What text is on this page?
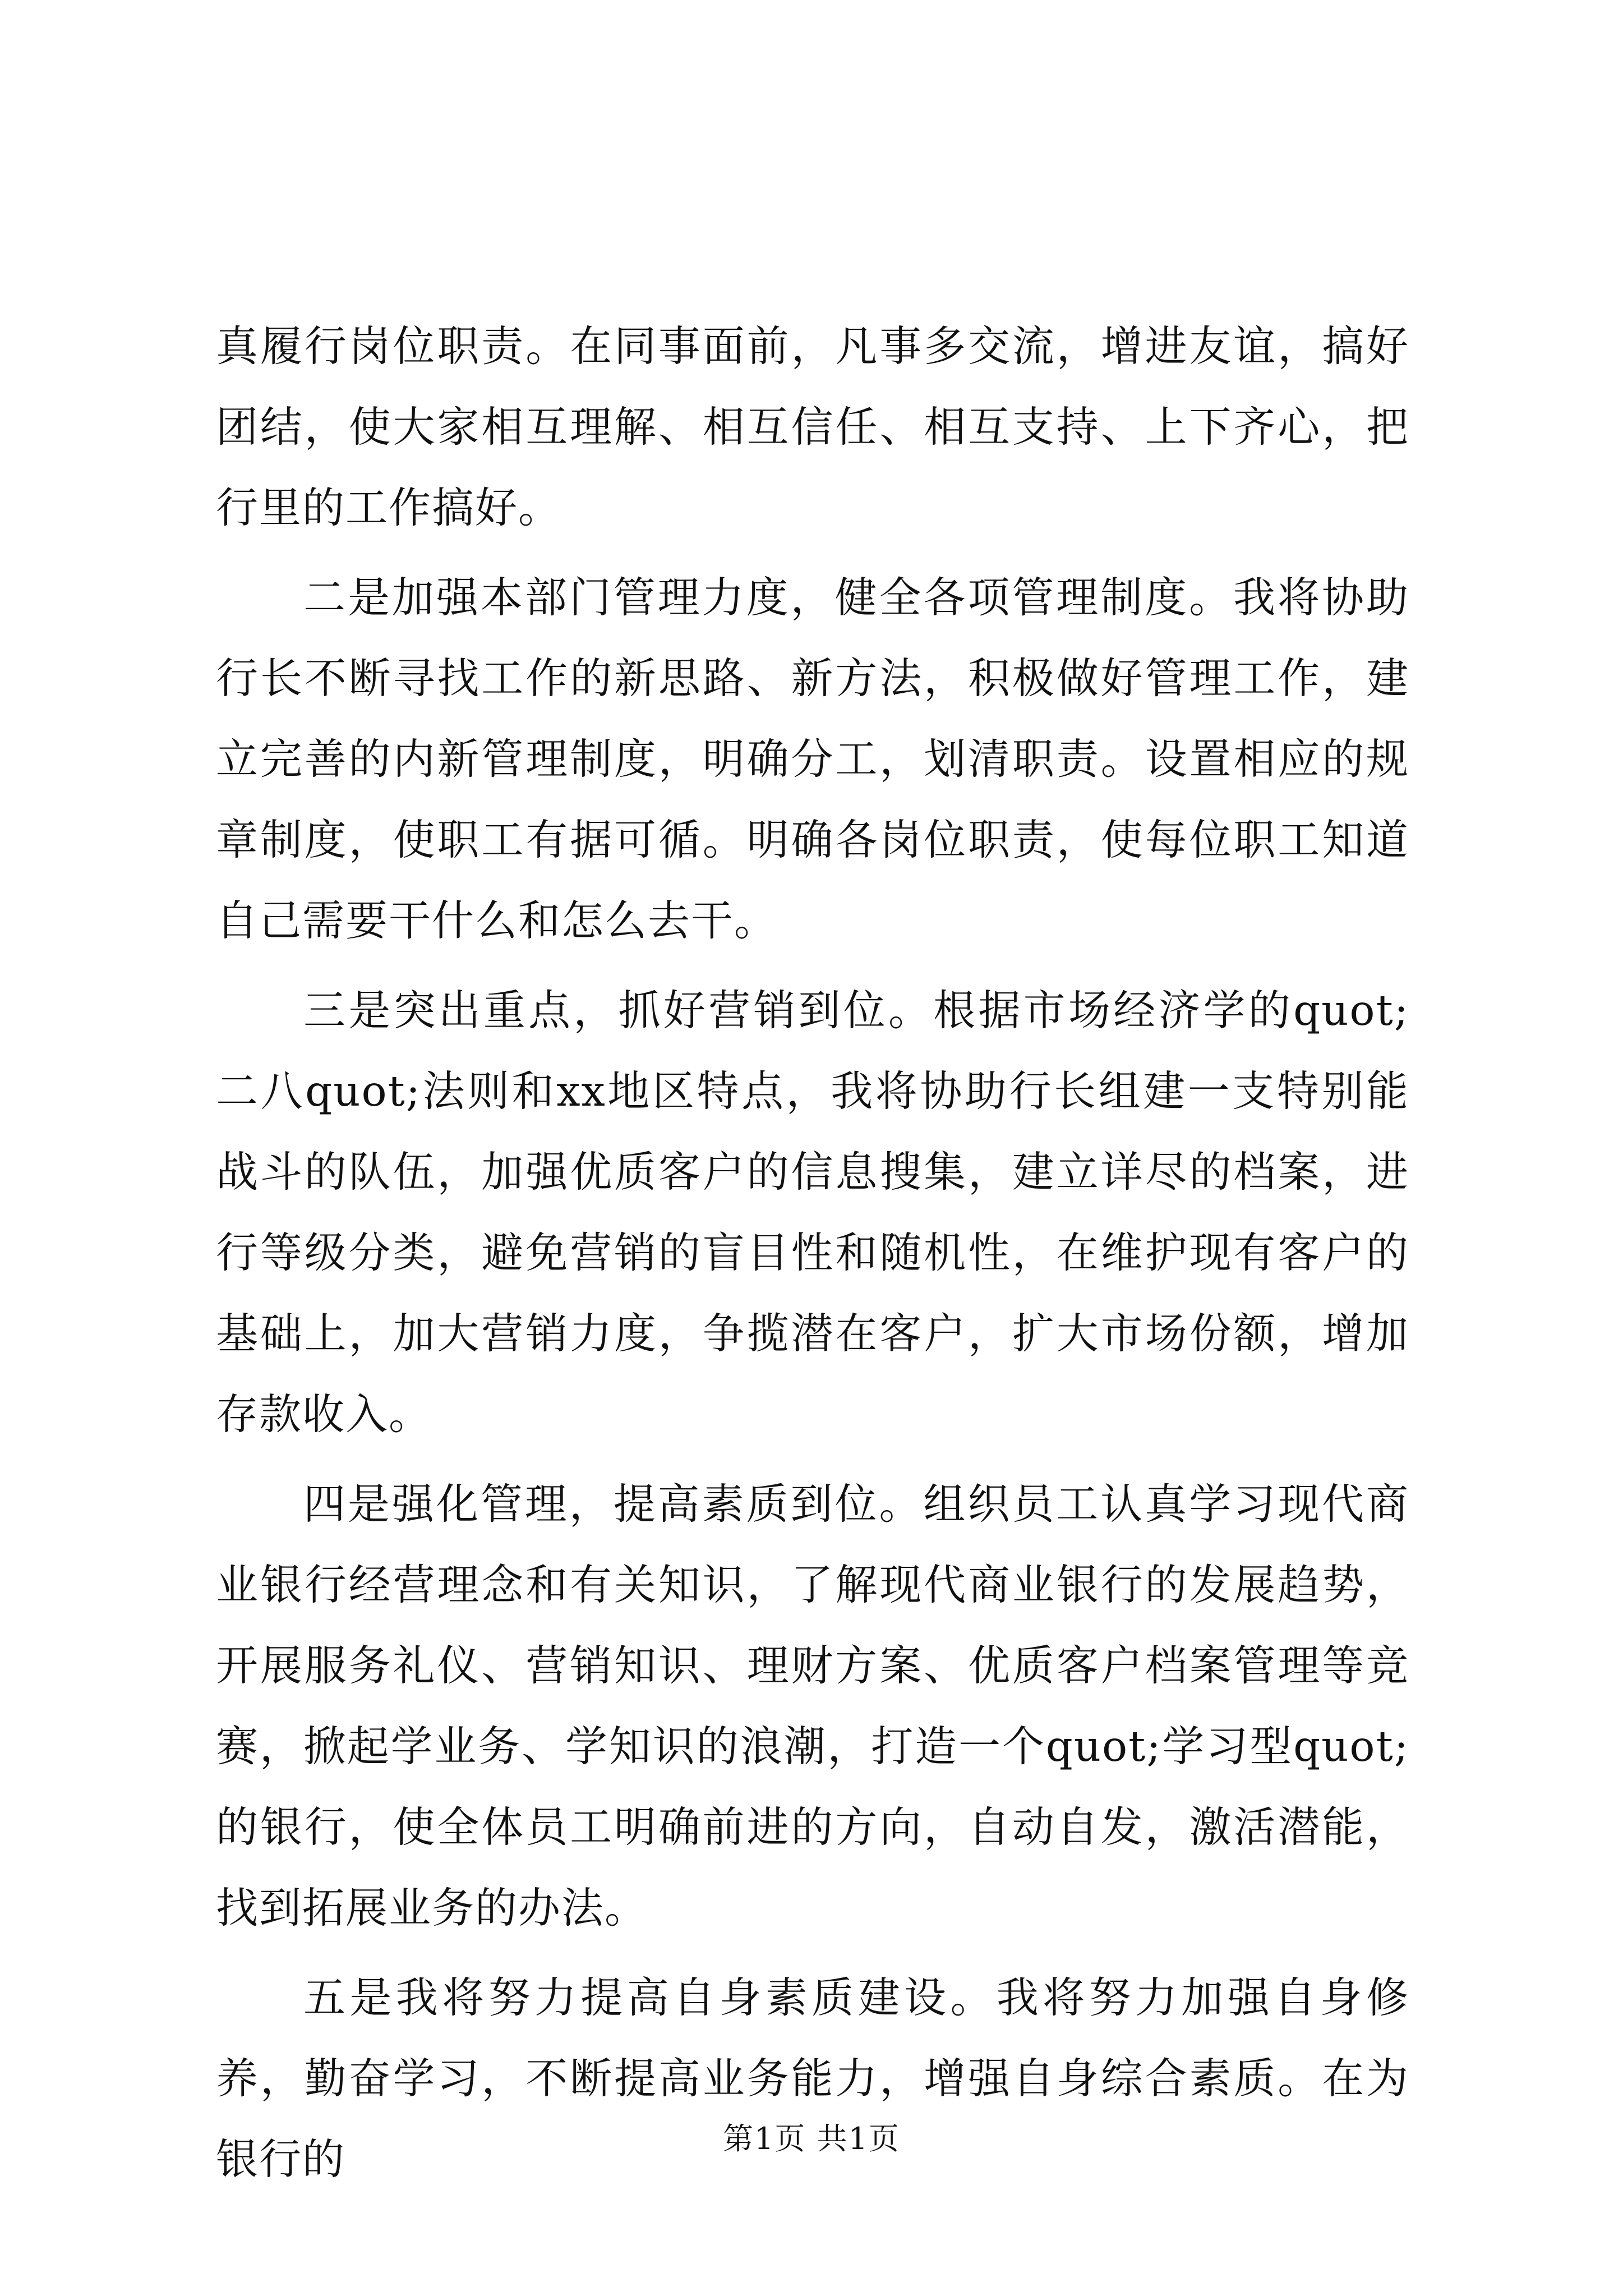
真履行岗位职责。在同事面前，凡事多交流，增进友谊，搞好团结，使大家相互理解、相互信任、相互支持、上下齐心，把行里的工作搞好。

二是加强本部门管理力度，健全各项管理制度。我将协助行长不断寻找工作的新思路、新方法，积极做好管理工作，建立完善的内新管理制度，明确分工，划清职责。设置相应的规章制度，使职工有据可循。明确各岗位职责，使每位职工知道自己需要干什么和怎么去干。

三是突出重点，抓好营销到位。根据市场经济学的quot;二八quot;法则和xx地区特点，我将协助行长组建一支特别能战斗的队伍，加强优质客户的信息搜集，建立详尽的档案，进行等级分类，避免营销的盲目性和随机性，在维护现有客户的基础上，加大营销力度，争揽潜在客户，扩大市场份额，增加存款收入。

四是强化管理，提高素质到位。组织员工认真学习现代商业银行经营理念和有关知识，了解现代商业银行的发展趋势，开展服务礼仪、营销知识、理财方案、优质客户档案管理等竞赛，掀起学业务、学知识的浪潮，打造一个quot;学习型quot;的银行，使全体员工明确前进的方向，自动自发，激活潜能，找到拓展业务的办法。

五是我将努力提高自身素质建设。我将努力加强自身修养，勤奋学习，不断提高业务能力，增强自身综合素质。在为银行的	第1页 共1页
